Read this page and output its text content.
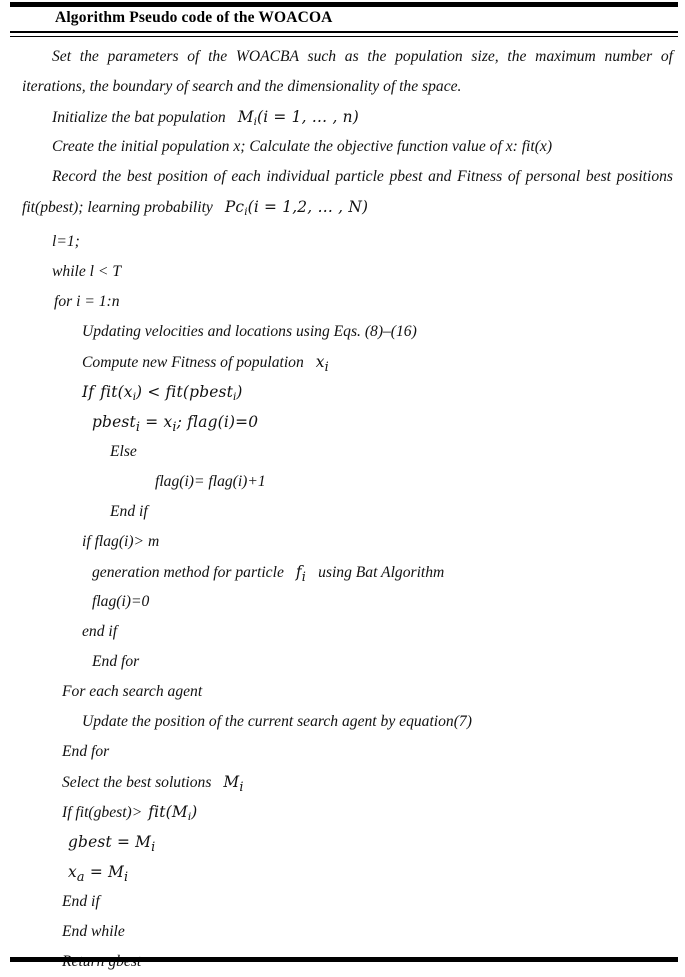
Algorithm Pseudo code of the WOACOA
Set the parameters of the WOACBA such as the population size, the maximum number of iterations, the boundary of search and the dimensionality of the space.
Initialize the bat population $M_i(i = 1$, … , n)
Create the initial population x; Calculate the objective function value of x: fit(x)
Record the best position of each individual particle pbest and Fitness of personal best positions fit(pbest); learning probability $Pc_i(i = 1,2$, … , N)
l=1;
while l < T
for i = 1:n
Updating velocities and locations using Eqs. (8)–(16)
Compute new Fitness of population $x_i$
If $fit(x_i)$ < fit(pbest$_i$)
pbest$_i$ = $x_i$; flag(i)=0
Else
flag(i)= flag(i)+1
End if
if flag(i)> m
generation method for particle $f_i$ using Bat Algorithm
flag(i)=0
end if
End for
For each search agent
Update the position of the current search agent by equation(7)
End for
Select the best solutions $M_i$
If fit(gbest)> $fit(M_i)$
gbest = $M_i$
$x_a = M_i$
End if
End while
